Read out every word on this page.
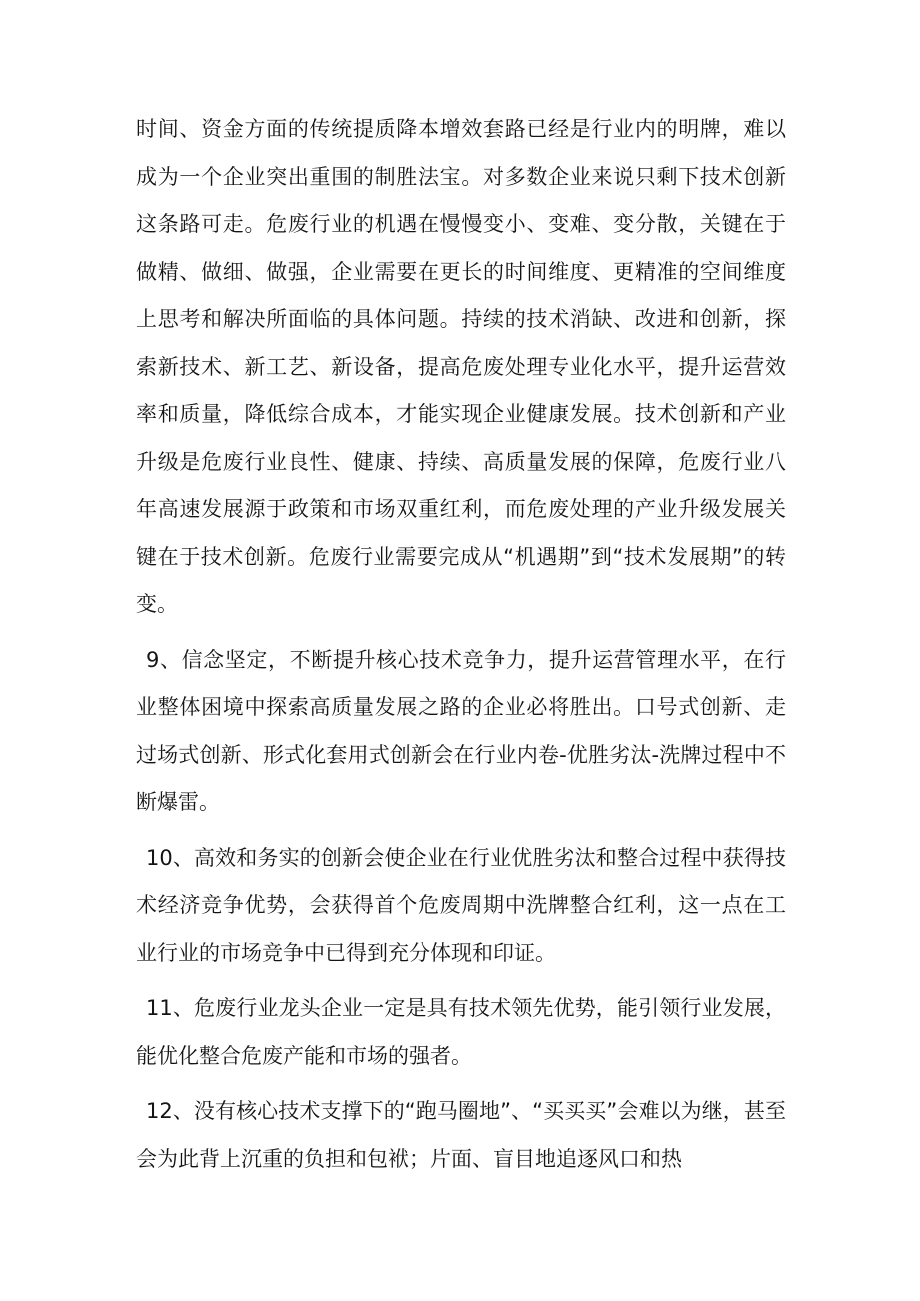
时间、资金方面的传统提质降本增效套路已经是行业内的明牌，难以成为一个企业突出重围的制胜法宝。对多数企业来说只剩下技术创新这条路可走。危废行业的机遇在慢慢变小、变难、变分散，关键在于做精、做细、做强，企业需要在更长的时间维度、更精准的空间维度上思考和解决所面临的具体问题。持续的技术消缺、改进和创新，探索新技术、新工艺、新设备，提高危废处理专业化水平，提升运营效率和质量，降低综合成本，才能实现企业健康发展。技术创新和产业升级是危废行业良性、健康、持续、高质量发展的保障，危废行业八年高速发展源于政策和市场双重红利，而危废处理的产业升级发展关键在于技术创新。危废行业需要完成从“机遇期”到“技术发展期”的转变。

9、信念坚定，不断提升核心技术竞争力，提升运营管理水平，在行业整体困境中探索高质量发展之路的企业必将胜出。口号式创新、走过场式创新、形式化套用式创新会在行业内卷-优胜劣汰-洗牌过程中不断爆雷。

10、高效和务实的创新会使企业在行业优胜劣汰和整合过程中获得技术经济竞争优势，会获得首个危废周期中洗牌整合红利，这一点在工业行业的市场竞争中已得到充分体现和印证。

11、危废行业龙头企业一定是具有技术领先优势，能引领行业发展，能优化整合危废产能和市场的强者。

12、没有核心技术支撑下的“跑马圈地”、“买买买”会难以为继，甚至会为此背上沉重的负担和包袱；片面、盲目地追逐风口和热
